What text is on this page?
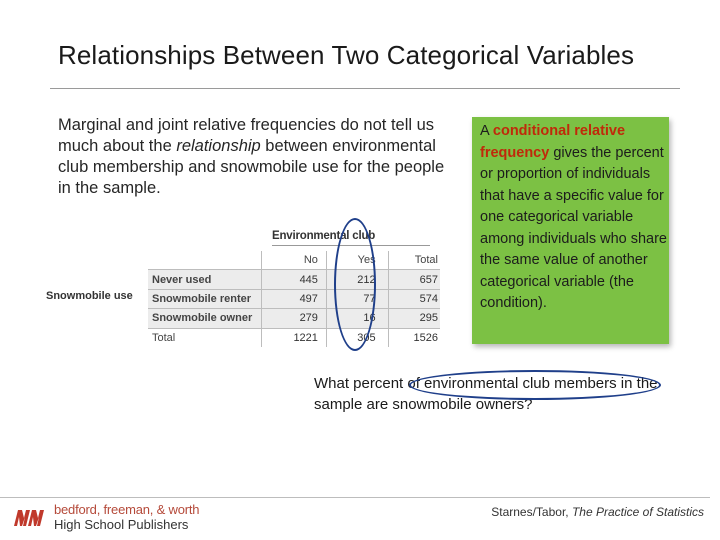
Relationships Between Two Categorical Variables
Marginal and joint relative frequencies do not tell us much about the relationship between environmental club membership and snowmobile use for the people in the sample.
A conditional relative frequency gives the percent or proportion of individuals that have a specific value for one categorical variable among individuals who share the same value of another categorical variable (the condition).
Environmental club
Snowmobile use
	No	Yes	Total
Never used	445	212	657
Snowmobile renter	497	77	574
Snowmobile owner	279	16	295
Total	1221	305	1526
What percent of environmental club members in the sample are snowmobile owners?
bedford, freeman, & worth
High School Publishers
Starnes/Tabor, The Practice of Statistics
